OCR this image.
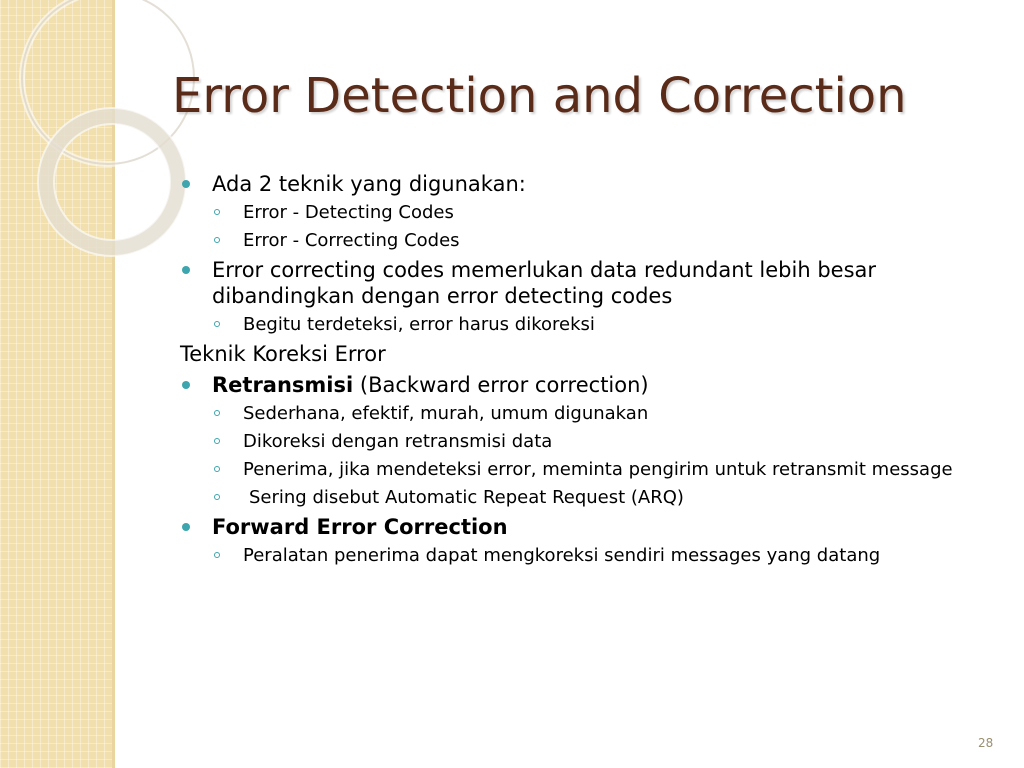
Error Detection and Correction
Ada 2 teknik yang digunakan:
Error - Detecting Codes
Error - Correcting Codes
Error correcting codes memerlukan data redundant lebih besar dibandingkan dengan error detecting codes
Begitu terdeteksi, error harus dikoreksi
Teknik Koreksi Error
Retransmisi (Backward error correction)
Sederhana, efektif, murah, umum digunakan
Dikoreksi dengan retransmisi data
Penerima, jika mendeteksi error, meminta pengirim untuk retransmit message
Sering disebut Automatic Repeat Request (ARQ)
Forward Error Correction
Peralatan penerima dapat mengkoreksi sendiri messages yang datang
28
